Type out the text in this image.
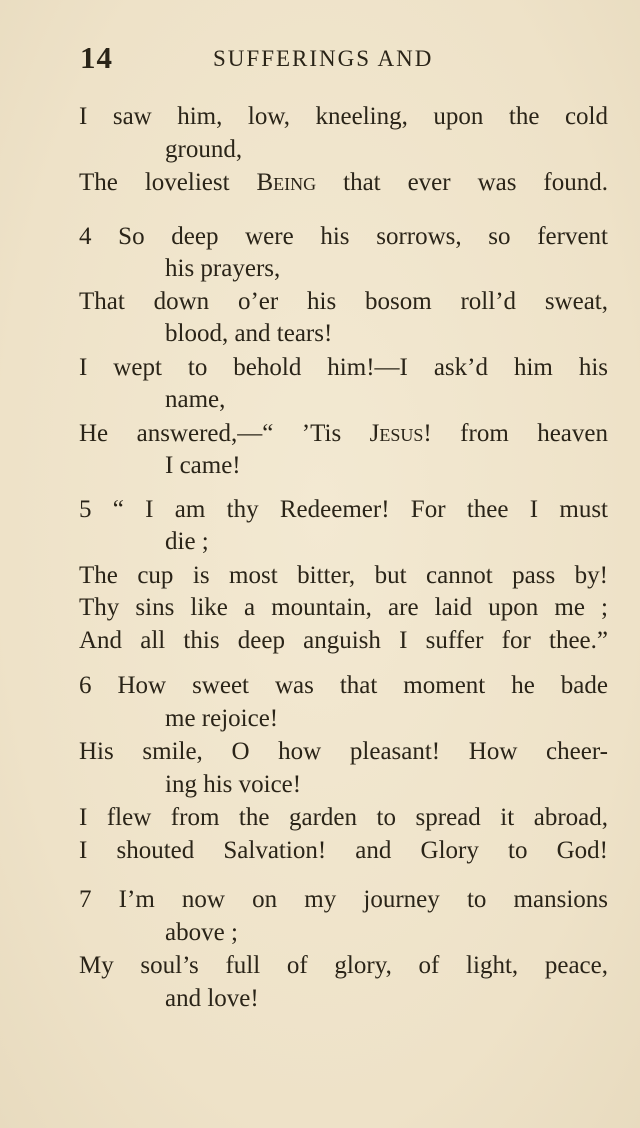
14	SUFFERINGS AND
I saw him, low, kneeling, upon the cold
ground,
The loveliest Being that ever was found.
4 So deep were his sorrows, so fervent
his prayers,
That down o’er his bosom roll’d sweat,
blood, and tears!
I wept to behold him!—I ask’d him his
name,
He answered,—“ ’Tis Jesus! from heaven
I came!
5 “ I am thy Redeemer! For thee I must
die ;
The cup is most bitter, but cannot pass by!
Thy sins like a mountain, are laid upon me ;
And all this deep anguish I suffer for thee.”
6 How sweet was that moment he bade
me rejoice!
His smile, O how pleasant! How cheer-
ing his voice!
I flew from the garden to spread it abroad,
I shouted Salvation! and Glory to God!
7 I’m now on my journey to mansions
above ;
My soul’s full of glory, of light, peace,
and love!
